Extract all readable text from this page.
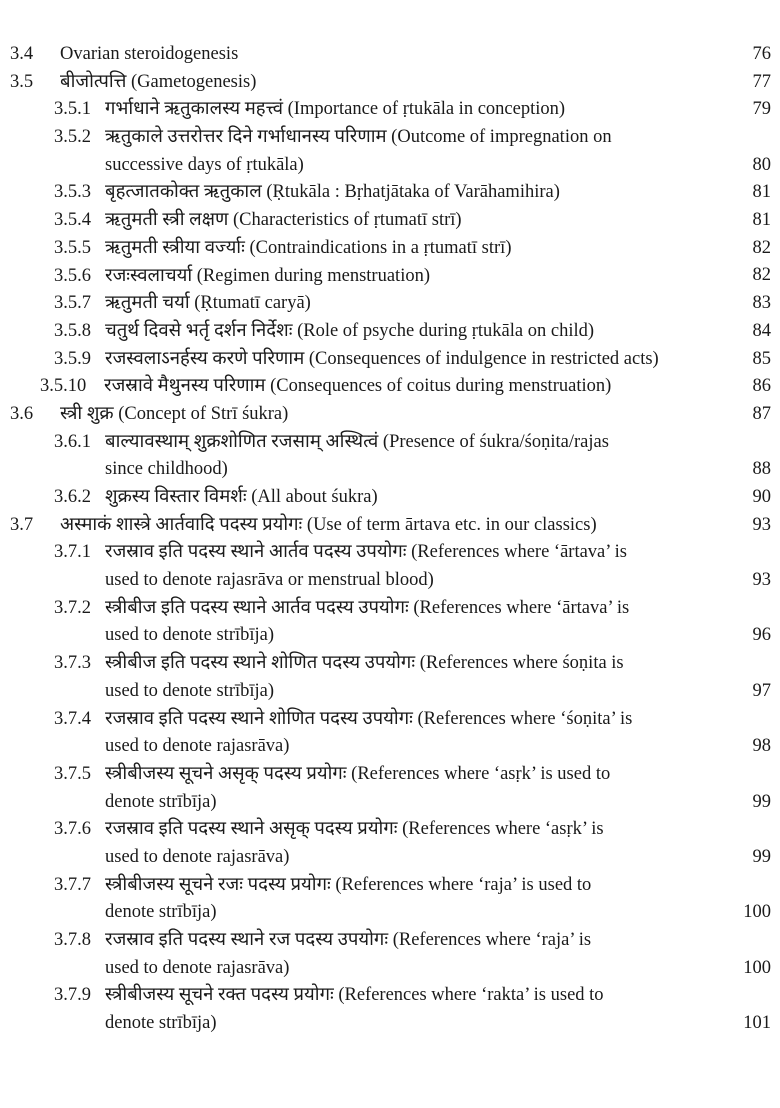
3.4	Ovarian steroidogenesis	76
3.5	बीजोत्पत्ति (Gametogenesis)	77
3.5.1 गर्भाधाने ऋतुकालस्य महत्त्वं (Importance of ṛtukāla in conception)	79
3.5.2 ऋतुकाले उत्तरोत्तर दिने गर्भाधानस्य परिणाम (Outcome of impregnation on
successive days of ṛtukāla)	80
3.5.3 बृहत्जातकोक्त ऋतुकाल (Ṛtukāla : Bṛhatjātaka of Varāhamihira)	81
3.5.4 ऋतुमती स्त्री लक्षण (Characteristics of ṛtumatī strī)	81
3.5.5 ऋतुमती स्त्रीया वर्ज्याः (Contraindications in a ṛtumatī strī)	82
3.5.6 रजःस्वलाचर्या (Regimen during menstruation)	82
3.5.7 ऋतुमती चर्या (Ṛtumatī caryā)	83
3.5.8 चतुर्थ दिवसे भर्तृ दर्शन निर्देशः (Role of psyche during ṛtukāla on child)	84
3.5.9 रजस्वलाऽनर्हस्य करणे परिणाम (Consequences of indulgence in restricted acts)	85
3.5.10 रजस्रावे मैथुनस्य परिणाम (Consequences of coitus during menstruation)	86
3.6	स्त्री शुक्र (Concept of Strī śukra)	87
3.6.1 बाल्यावस्थाम् शुक्रशोणित रजसाम् अस्थित्वं (Presence of śukra/śoṇita/rajas
since childhood)	88
3.6.2 शुक्रस्य विस्तार विमर्शः (All about śukra)	90
3.7	अस्माकं शास्त्रे आर्तवादि पदस्य प्रयोगः (Use of term ārtava etc. in our classics)	93
3.7.1 रजस्राव इति पदस्य स्थाने आर्तव पदस्य उपयोगः (References where ‘ārtava’ is
used to denote rajasrāva or menstrual blood)	93
3.7.2 स्त्रीबीज इति पदस्य स्थाने आर्तव पदस्य उपयोगः (References where ‘ārtava’ is
used to denote strībīja)	96
3.7.3 स्त्रीबीज इति पदस्य स्थाने शोणित पदस्य उपयोगः (References where śoṇita is
used to denote strībīja)	97
3.7.4 रजस्राव इति पदस्य स्थाने शोणित पदस्य उपयोगः (References where ‘śoṇita’ is
used to denote rajasrāva)	98
3.7.5 स्त्रीबीजस्य सूचने असृक् पदस्य प्रयोगः (References where ‘asṛk’ is used to
denote strībīja)	99
3.7.6 रजस्राव इति पदस्य स्थाने असृक् पदस्य प्रयोगः (References where ‘asṛk’ is
used to denote rajasrāva)	99
3.7.7 स्त्रीबीजस्य सूचने रजः पदस्य प्रयोगः (References where ‘raja’ is used to
denote strībīja)	100
3.7.8 रजस्राव इति पदस्य स्थाने रज पदस्य उपयोगः (References where ‘raja’ is
used to denote rajasrāva)	100
3.7.9 स्त्रीबीजस्य सूचने रक्त पदस्य प्रयोगः (References where ‘rakta’ is used to
denote strībīja)	101
